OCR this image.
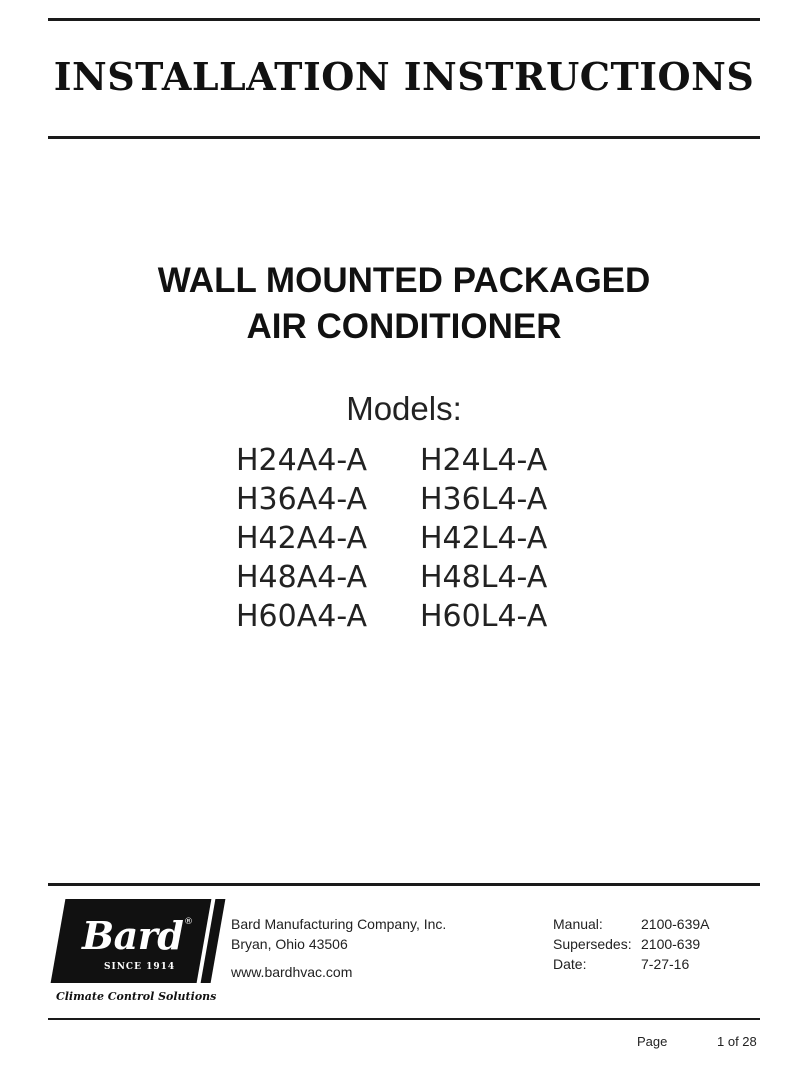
INSTALLATION INSTRUCTIONS
WALL MOUNTED PACKAGED
AIR CONDITIONER
Models:
H24A4-A	H24L4-A
H36A4-A	H36L4-A
H42A4-A	H42L4-A
H48A4-A	H48L4-A
H60A4-A	H60L4-A
Bard ®
SINCE 1914
Climate Control Solutions
Bard Manufacturing Company, Inc.
Bryan, Ohio 43506
www.bardhvac.com
Manual:	2100-639A
Supersedes: 2100-639
Date:	7-27-16
Page	1 of 28
